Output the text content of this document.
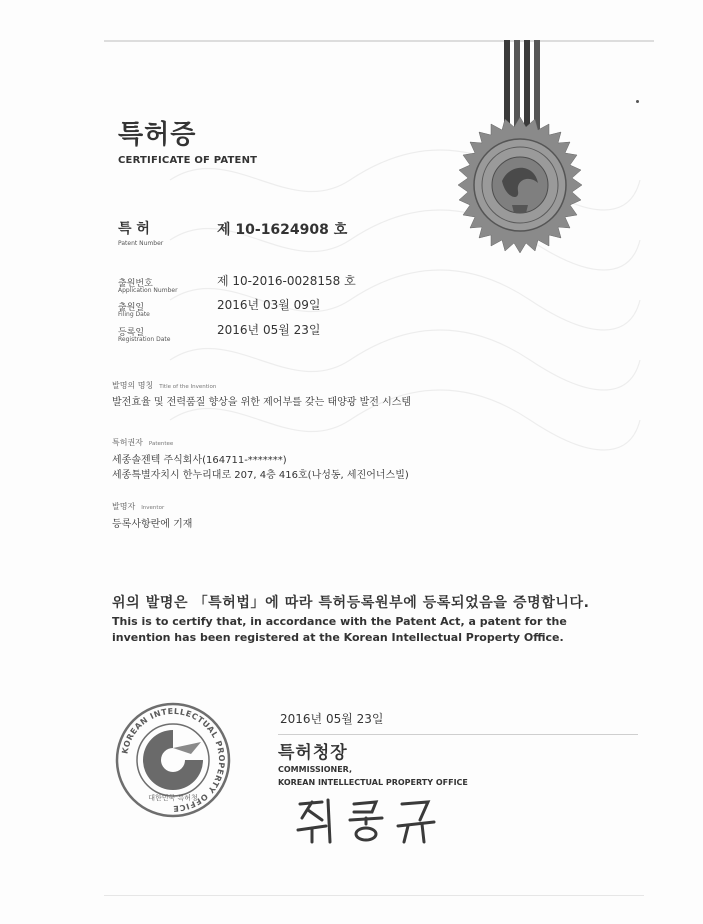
특허증
CERTIFICATE OF PATENT
특 허
Patent Number
제 10-1624908 호
출원번호
Application Number
제 10-2016-0028158 호
출원일
Filing Date
2016년 03월 09일
등록일
Registration Date
2016년 05월 23일
발명의 명칭 Title of the Invention
발전효율 및 전력품질 향상을 위한 제어부를 갖는 태양광 발전 시스템
특허권자 Patentee
세종솔젠텍 주식회사(164711-*******)
세종특별자치시 한누리대로 207, 4층 416호(나성동, 세진어너스빌)
발명자 Inventor
등록사항란에 기재
위의 발명은 「특허법」에 따라 특허등록원부에 등록되었음을 증명합니다.
This is to certify that, in accordance with the Patent Act, a patent for the invention has been registered at the Korean Intellectual Property Office.
KOREAN INTELLECTUAL PROPERTY OFFICE
대한민국 특허청
2016년 05월 23일
특허청장
COMMISSIONER,
KOREAN INTELLECTUAL PROPERTY OFFICE
